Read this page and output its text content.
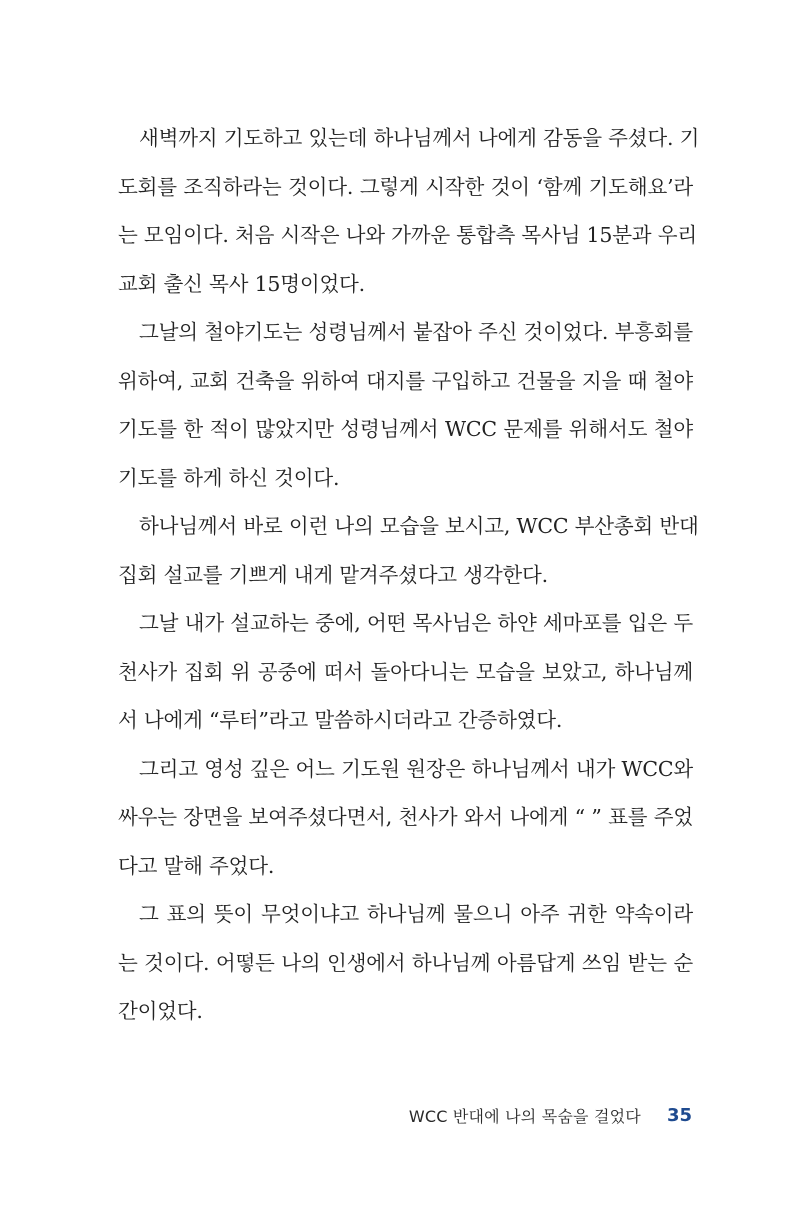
새벽까지 기도하고 있는데 하나님께서 나에게 감동을 주셨다. 기
도회를 조직하라는 것이다. 그렇게 시작한 것이 ‘함께 기도해요’라
는 모임이다. 처음 시작은 나와 가까운 통합측 목사님 15분과 우리
교회 출신 목사 15명이었다.
그날의 철야기도는 성령님께서 붙잡아 주신 것이었다. 부흥회를
위하여, 교회 건축을 위하여 대지를 구입하고 건물을 지을 때 철야
기도를 한 적이 많았지만 성령님께서 WCC 문제를 위해서도 철야
기도를 하게 하신 것이다.
하나님께서 바로 이런 나의 모습을 보시고, WCC 부산총회 반대
집회 설교를 기쁘게 내게 맡겨주셨다고 생각한다.
그날 내가 설교하는 중에, 어떤 목사님은 하얀 세마포를 입은 두
천사가 집회 위 공중에 떠서 돌아다니는 모습을 보았고, 하나님께
서 나에게 “루터”라고 말씀하시더라고 간증하였다.
그리고 영성 깊은 어느 기도원 원장은 하나님께서 내가 WCC와
싸우는 장면을 보여주셨다면서, 천사가 와서 나에게 “ ” 표를 주었
다고 말해 주었다.
그 표의 뜻이 무엇이냐고 하나님께 물으니 아주 귀한 약속이라
는 것이다. 어떻든 나의 인생에서 하나님께 아름답게 쓰임 받는 순
간이었다.
WCC 반대에 나의 목숨을 걸었다 35
